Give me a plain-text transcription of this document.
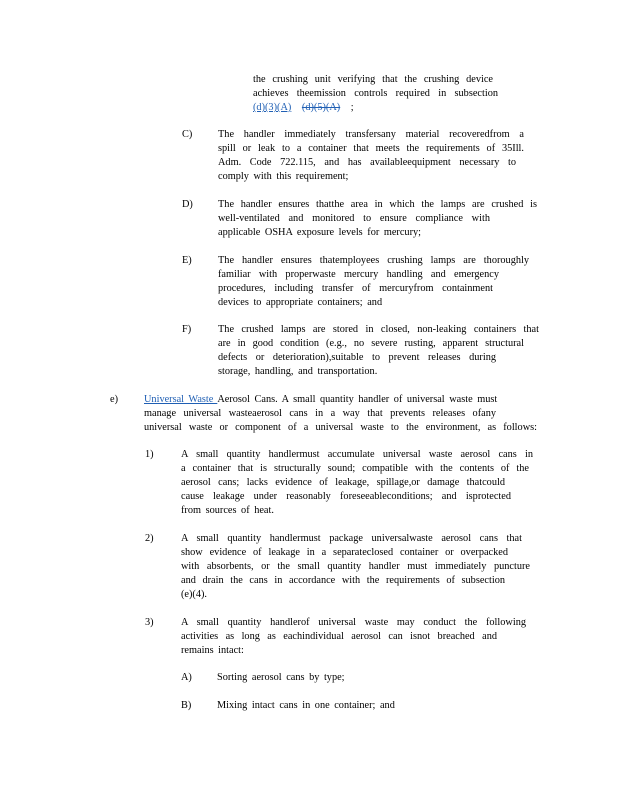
the crushing unit verifying that the crushing device
achieves theemission controls required in subsection
(d)(3)(A) (d)(5)(A) ;
C) The handler immediately transfersany material recoveredfrom a
spill or leak to a container that meets the requirements of 35Ill.
Adm. Code 722.115, and has availableequipment necessary to
comply with this requirement;
D) The handler ensures thatthe area in which the lamps are crushed is
well-ventilated and monitored to ensure compliance with
applicable OSHA exposure levels for mercury;
E)	The handler ensures thatemployees crushing lamps are thoroughly
familiar with properwaste mercury handling and emergency
procedures, including transfer of mercuryfrom containment
devices to appropriate containers; and
F)	The crushed lamps are stored in closed, non-leaking containers that
are in good condition (e.g., no severe rusting, apparent structural
defects or deterioration),suitable to prevent releases during
storage, handling, and transportation.
e)	Universal Waste Aerosol Cans. A small quantity handler of universal waste must
manage universal wasteaerosol cans in a way that prevents releases ofany
universal waste or component of a universal waste to the environment, as follows:
1)	A small quantity handlermust accumulate universal waste aerosol cans in
a container that is structurally sound; compatible with the contents of the
aerosol cans; lacks evidence of leakage, spillage,or damage thatcould
cause leakage under reasonably foreseeableconditions; and isprotected
from sources of heat.
2)	A small quantity handlermust package universalwaste aerosol cans that
show evidence of leakage in a separateclosed container or overpacked
with absorbents, or the small quantity handler must immediately puncture
and drain the cans in accordance with the requirements of subsection
(e)(4).
3)	A small quantity handlerof universal waste may conduct the following
activities as long as eachindividual aerosol can isnot breached and
remains intact:
A) Sorting aerosol cans by type;
B) Mixing intact cans in one container; and
